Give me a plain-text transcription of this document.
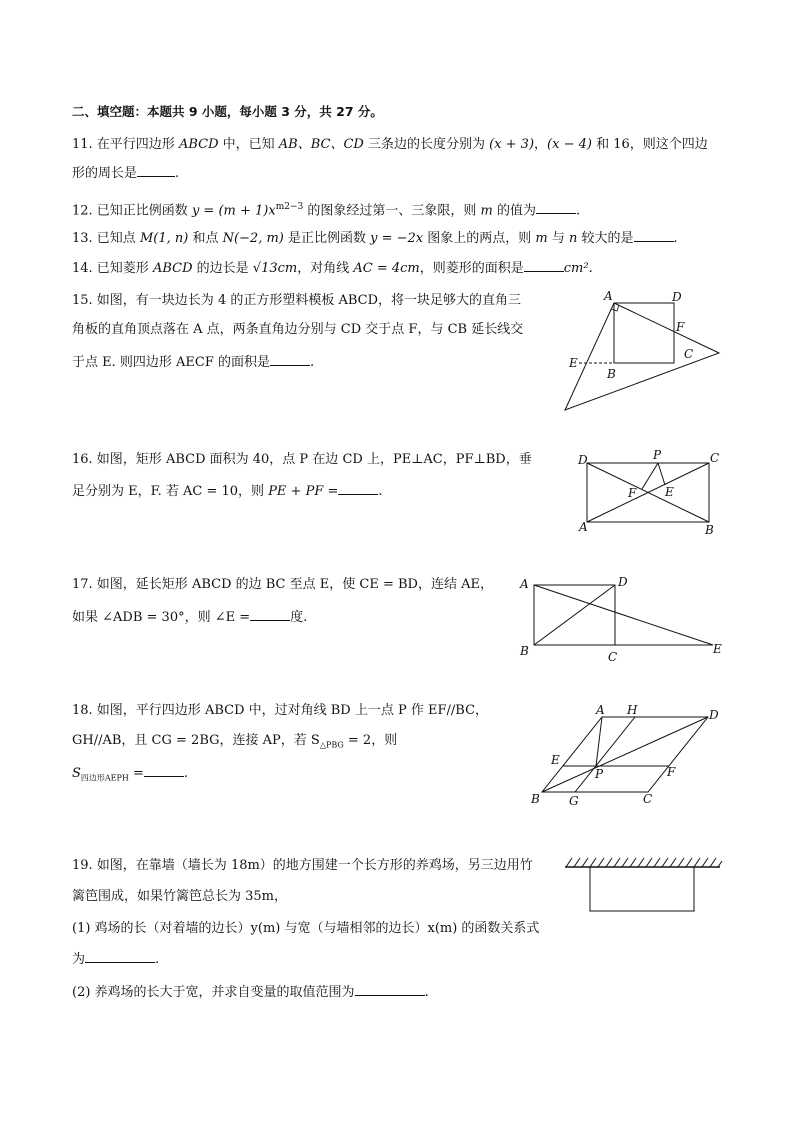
二、填空题：本题共 9 小题，每小题 3 分，共 27 分。
11. 在平行四边形 ABCD 中，已知 AB、BC、CD 三条边的长度分别为 (x + 3)，(x − 4) 和 16，则这个四边
形的周长是	.
12. 已知正比例函数 $y = (m + 1)x^{m2-3}$ 的图象经过第一、三象限，则 m 的值为	.
13. 已知点 M(1, n) 和点 N(−2, m) 是正比例函数 y = −2x 图象上的两点，则 m 与 n 较大的是	.
14. 已知菱形 ABCD 的边长是 √13cm，对角线 AC = 4cm，则菱形的面积是	cm².
15. 如图，有一块边长为 4 的正方形塑料模板 ABCD，将一块足够大的直角三
角板的直角顶点落在 A 点，两条直角边分别与 CD 交于点 F，与 CB 延长线交
于点 E. 则四边形 AECF 的面积是	.
A	D
F
C
E
B
16. 如图，矩形 ABCD 面积为 40，点 P 在边 CD 上，PE⊥AC，PF⊥BD，垂
足分别为 E，F. 若 AC = 10，则 PE + PF =	.
D	P	C
F E
A	B
17. 如图，延长矩形 ABCD 的边 BC 至点 E，使 CE = BD，连结 AE，
如果 ∠ADB = 30°，则 ∠E =	度.
A	D
B	C
E
18. 如图，平行四边形 ABCD 中，过对角线 BD 上一点 P 作 EF//BC，
GH//AB，且 CG = 2BG，连接 AP，若 $S_{\triangle PBG} = 2$，则
$S_{四边形AEPH}$ =	.
A H	D
E
P	F
B G	C
19. 如图，在靠墙（墙长为 18m）的地方围建一个长方形的养鸡场，另三边用竹
篱笆围成，如果竹篱笆总长为 35m，
(1) 鸡场的长（对着墙的边长）y(m) 与宽（与墙相邻的边长）x(m) 的函数关系式
为	.
(2) 养鸡场的长大于宽，并求自变量的取值范围为	.
